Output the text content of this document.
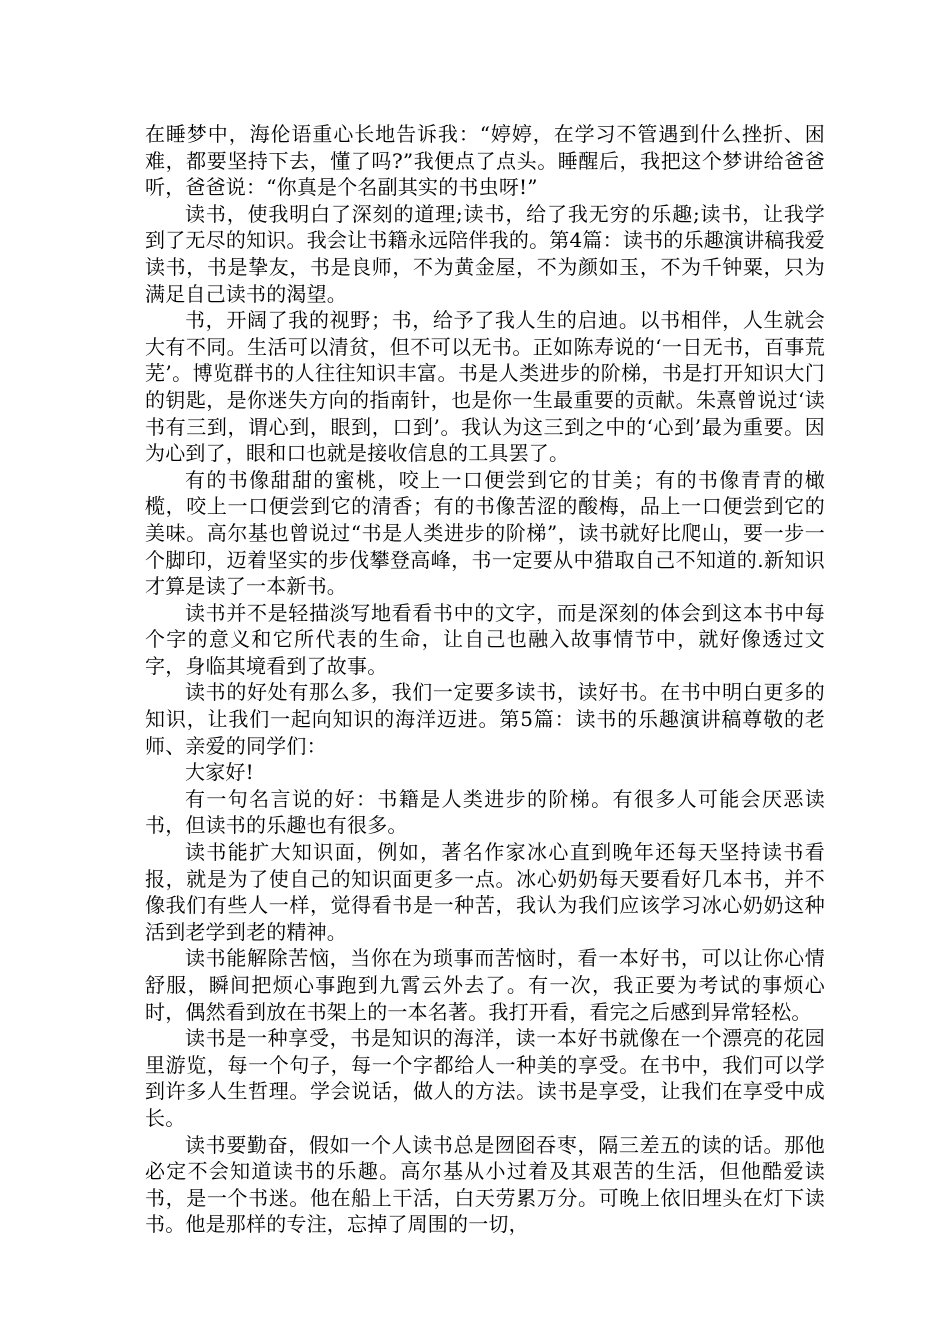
在睡梦中，海伦语重心长地告诉我：“婷婷，在学习不管遇到什么挫折、困难，都要坚持下去，懂了吗?”我便点了点头。睡醒后，我把这个梦讲给爸爸听，爸爸说：“你真是个名副其实的书虫呀!”

读书，使我明白了深刻的道理;读书，给了我无穷的乐趣;读书，让我学到了无尽的知识。我会让书籍永远陪伴我的。第4篇：读书的乐趣演讲稿我爱读书，书是挚友，书是良师，不为黄金屋，不为颜如玉，不为千钟粟，只为满足自己读书的渴望。

书，开阔了我的视野；书，给予了我人生的启迪。以书相伴，人生就会大有不同。生活可以清贫，但不可以无书。正如陈寿说的‘一日无书，百事荒芜’。博览群书的人往往知识丰富。书是人类进步的阶梯，书是打开知识大门的钥匙，是你迷失方向的指南针，也是你一生最重要的贡献。朱熹曾说过‘读书有三到，谓心到，眼到，口到’。我认为这三到之中的‘心到’最为重要。因为心到了，眼和口也就是接收信息的工具罢了。

有的书像甜甜的蜜桃，咬上一口便尝到它的甘美；有的书像青青的橄榄，咬上一口便尝到它的清香；有的书像苦涩的酸梅，品上一口便尝到它的美味。高尔基也曾说过“书是人类进步的阶梯”，读书就好比爬山，要一步一个脚印，迈着坚实的步伐攀登高峰，书一定要从中猎取自己不知道的.新知识才算是读了一本新书。

读书并不是轻描淡写地看看书中的文字，而是深刻的体会到这本书中每个字的意义和它所代表的生命，让自己也融入故事情节中，就好像透过文字，身临其境看到了故事。

读书的好处有那么多，我们一定要多读书，读好书。在书中明白更多的知识，让我们一起向知识的海洋迈进。第5篇：读书的乐趣演讲稿尊敬的老师、亲爱的同学们：

大家好!

有一句名言说的好：书籍是人类进步的阶梯。有很多人可能会厌恶读书，但读书的乐趣也有很多。

读书能扩大知识面，例如，著名作家冰心直到晚年还每天坚持读书看报，就是为了使自己的知识面更多一点。冰心奶奶每天要看好几本书，并不像我们有些人一样，觉得看书是一种苦，我认为我们应该学习冰心奶奶这种活到老学到老的精神。

读书能解除苦恼，当你在为琐事而苦恼时，看一本好书，可以让你心情舒服，瞬间把烦心事跑到九霄云外去了。有一次，我正要为考试的事烦心时，偶然看到放在书架上的一本名著。我打开看，看完之后感到异常轻松。

读书是一种享受，书是知识的海洋，读一本好书就像在一个漂亮的花园里游览，每一个句子，每一个字都给人一种美的享受。在书中，我们可以学到许多人生哲理。学会说话，做人的方法。读书是享受，让我们在享受中成长。

读书要勤奋，假如一个人读书总是囫囵吞枣，隔三差五的读的话。那他必定不会知道读书的乐趣。高尔基从小过着及其艰苦的生活，但他酷爱读书，是一个书迷。他在船上干活，白天劳累万分。可晚上依旧埋头在灯下读书。他是那样的专注，忘掉了周围的一切，
